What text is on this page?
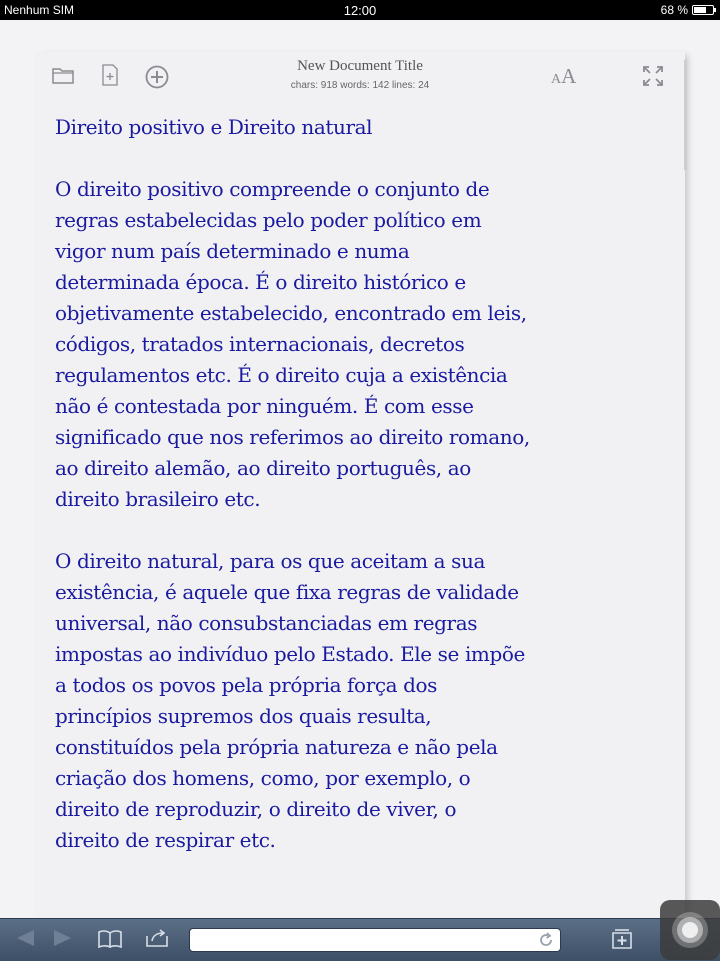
Nenhum SIM	12:00	68 %
New Document Title
chars: 918 words: 142 lines: 24	AA

Direito positivo e Direito natural

O direito positivo compreende o conjunto de
regras estabelecidas pelo poder político em
vigor num país determinado e numa
determinada época. É o direito histórico e
objetivamente estabelecido, encontrado em leis,
códigos, tratados internacionais, decretos
regulamentos etc. É o direito cuja a existência
não é contestada por ninguém. É com esse
significado que nos referimos ao direito romano,
ao direito alemão, ao direito português, ao
direito brasileiro etc.

O direito natural, para os que aceitam a sua
existência, é aquele que fixa regras de validade
universal, não consubstanciadas em regras
impostas ao indivíduo pelo Estado. Ele se impõe
a todos os povos pela própria força dos
princípios supremos dos quais resulta,
constituídos pela própria natureza e não pela
criação dos homens, como, por exemplo, o
direito de reproduzir, o direito de viver, o
direito de respirar etc.
